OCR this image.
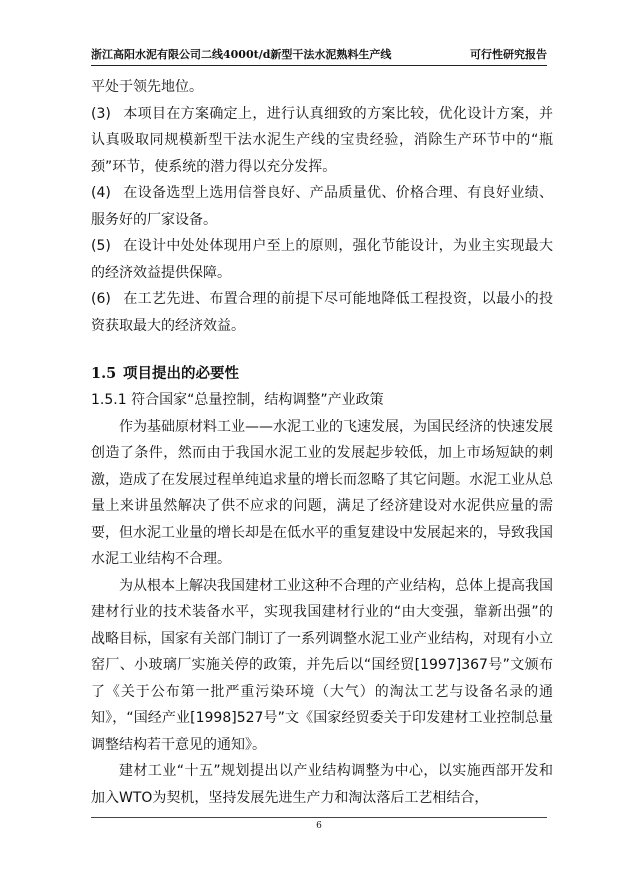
浙江高阳水泥有限公司二线4000t/d新型干法水泥熟料生产线	可行性研究报告

平处于领先地位。

(3) 本项目在方案确定上，进行认真细致的方案比较，优化设计方案，并认真吸取同规模新型干法水泥生产线的宝贵经验，消除生产环节中的“瓶颈”环节，使系统的潜力得以充分发挥。

(4) 在设备选型上选用信誉良好、产品质量优、价格合理、有良好业绩、服务好的厂家设备。

(5) 在设计中处处体现用户至上的原则，强化节能设计，为业主实现最大的经济效益提供保障。

(6) 在工艺先进、布置合理的前提下尽可能地降低工程投资，以最小的投资获取最大的经济效益。

1.5 项目提出的必要性

1.5.1 符合国家“总量控制，结构调整”产业政策

作为基础原材料工业——水泥工业的飞速发展，为国民经济的快速发展创造了条件，然而由于我国水泥工业的发展起步较低，加上市场短缺的刺激，造成了在发展过程单纯追求量的增长而忽略了其它问题。水泥工业从总量上来讲虽然解决了供不应求的问题，满足了经济建设对水泥供应量的需要，但水泥工业量的增长却是在低水平的重复建设中发展起来的，导致我国水泥工业结构不合理。

为从根本上解决我国建材工业这种不合理的产业结构，总体上提高我国建材行业的技术装备水平，实现我国建材行业的“由大变强，靠新出强”的战略目标，国家有关部门制订了一系列调整水泥工业产业结构，对现有小立窑厂、小玻璃厂实施关停的政策，并先后以“国经贸[1997]367号”文颁布了《关于公布第一批严重污染环境（大气）的淘汰工艺与设备名录的通知》，“国经产业[1998]527号”文《国家经贸委关于印发建材工业控制总量调整结构若干意见的通知》。

建材工业“十五”规划提出以产业结构调整为中心，以实施西部开发和加入WTO为契机，坚持发展先进生产力和淘汰落后工艺相结合，

6
